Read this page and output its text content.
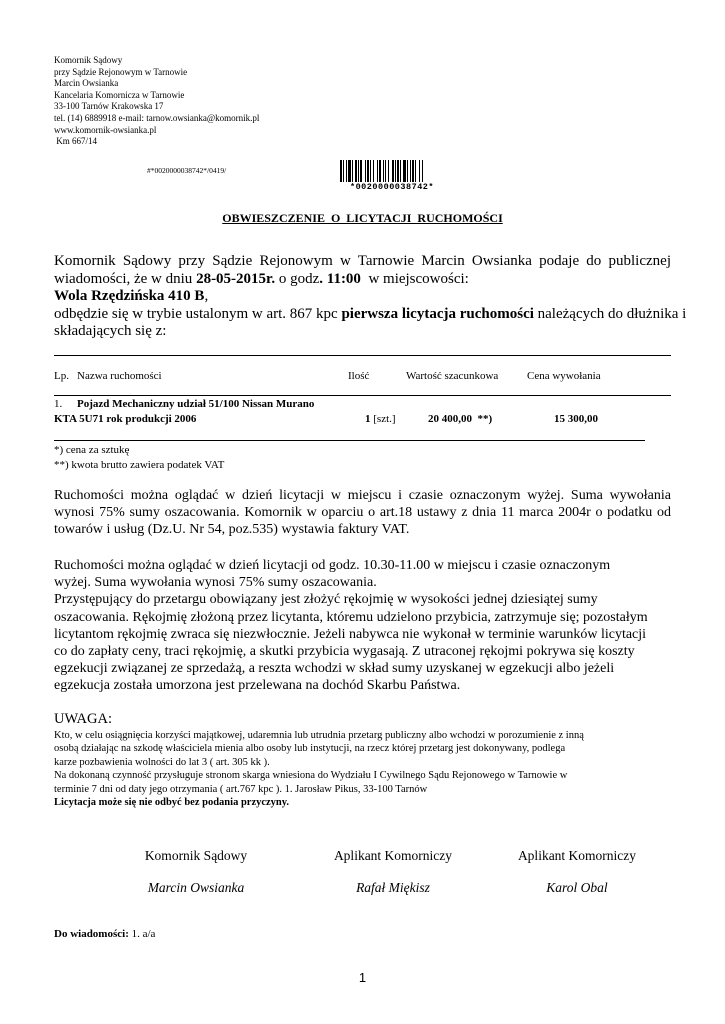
Komornik Sądowy
przy Sądzie Rejonowym w Tarnowie
Marcin Owsianka
Kancelaria Komornicza w Tarnowie
33-100 Tarnów Krakowska 17
tel. (14) 6889918 e-mail: tarnow.owsianka@komornik.pl
www.komornik-owsianka.pl
Km 667/14
#*0020000038742*/0419/
*0020000038742*
OBWIESZCZENIE  O  LICYTACJI  RUCHOMOŚCI
Komornik Sądowy przy Sądzie Rejonowym w Tarnowie Marcin Owsianka podaje do publicznej
wiadomości, że w dniu 28-05-2015r. o godz. 11:00  w miejscowości:
Wola Rzędzińska 410 B,
odbędzie się w trybie ustalonym w art. 867 kpc pierwsza licytacja ruchomości należących do dłużnika i
składających się z:
Lp. Nazwa ruchomości	Ilość	Wartość szacunkowa	Cena wywołania
1. Pojazd Mechaniczny udział 51/100 Nissan Murano
KTA 5U71 rok produkcji 2006	1 [szt.]	20 400,00  **)	15 300,00
*) cena za sztukę
**) kwota brutto zawiera podatek VAT
Ruchomości można oglądać w dzień licytacji w miejscu i czasie oznaczonym wyżej. Suma wywołania
wynosi 75% sumy oszacowania. Komornik w oparciu o art.18 ustawy z dnia 11 marca 2004r o podatku od
towarów i usług (Dz.U. Nr 54, poz.535) wystawia faktury VAT.
Ruchomości można oglądać w dzień licytacji od godz. 10.30-11.00 w miejscu i czasie oznaczonym
wyżej. Suma wywołania wynosi 75% sumy oszacowania.
Przystępujący do przetargu obowiązany jest złożyć rękojmię w wysokości jednej dziesiątej sumy
oszacowania. Rękojmię złożoną przez licytanta, któremu udzielono przybicia, zatrzymuje się; pozostałym
licytantom rękojmię zwraca się niezwłocznie. Jeżeli nabywca nie wykonał w terminie warunków licytacji
co do zapłaty ceny, traci rękojmię, a skutki przybicia wygasają. Z utraconej rękojmi pokrywa się koszty
egzekucji związanej ze sprzedażą, a reszta wchodzi w skład sumy uzyskanej w egzekucji albo jeżeli
egzekucja została umorzona jest przelewana na dochód Skarbu Państwa.
UWAGA:
Kto, w celu osiągnięcia korzyści majątkowej, udaremnia lub utrudnia przetarg publiczny albo wchodzi w porozumienie z inną
osobą działając na szkodę właściciela mienia albo osoby lub instytucji, na rzecz której przetarg jest dokonywany, podlega
karze pozbawienia wolności do lat 3 ( art. 305 kk ).
Na dokonaną czynność przysługuje stronom skarga wniesiona do Wydziału I Cywilnego Sądu Rejonowego w Tarnowie w
terminie 7 dni od daty jego otrzymania ( art.767 kpc ). 1. Jarosław Pikus, 33-100 Tarnów
Licytacja może się nie odbyć bez podania przyczyny.
Komornik Sądowy	Aplikant Komorniczy	Aplikant Komorniczy
Marcin Owsianka	Rafał Miękisz	Karol Obal
Do wiadomości: 1. a/a
1
